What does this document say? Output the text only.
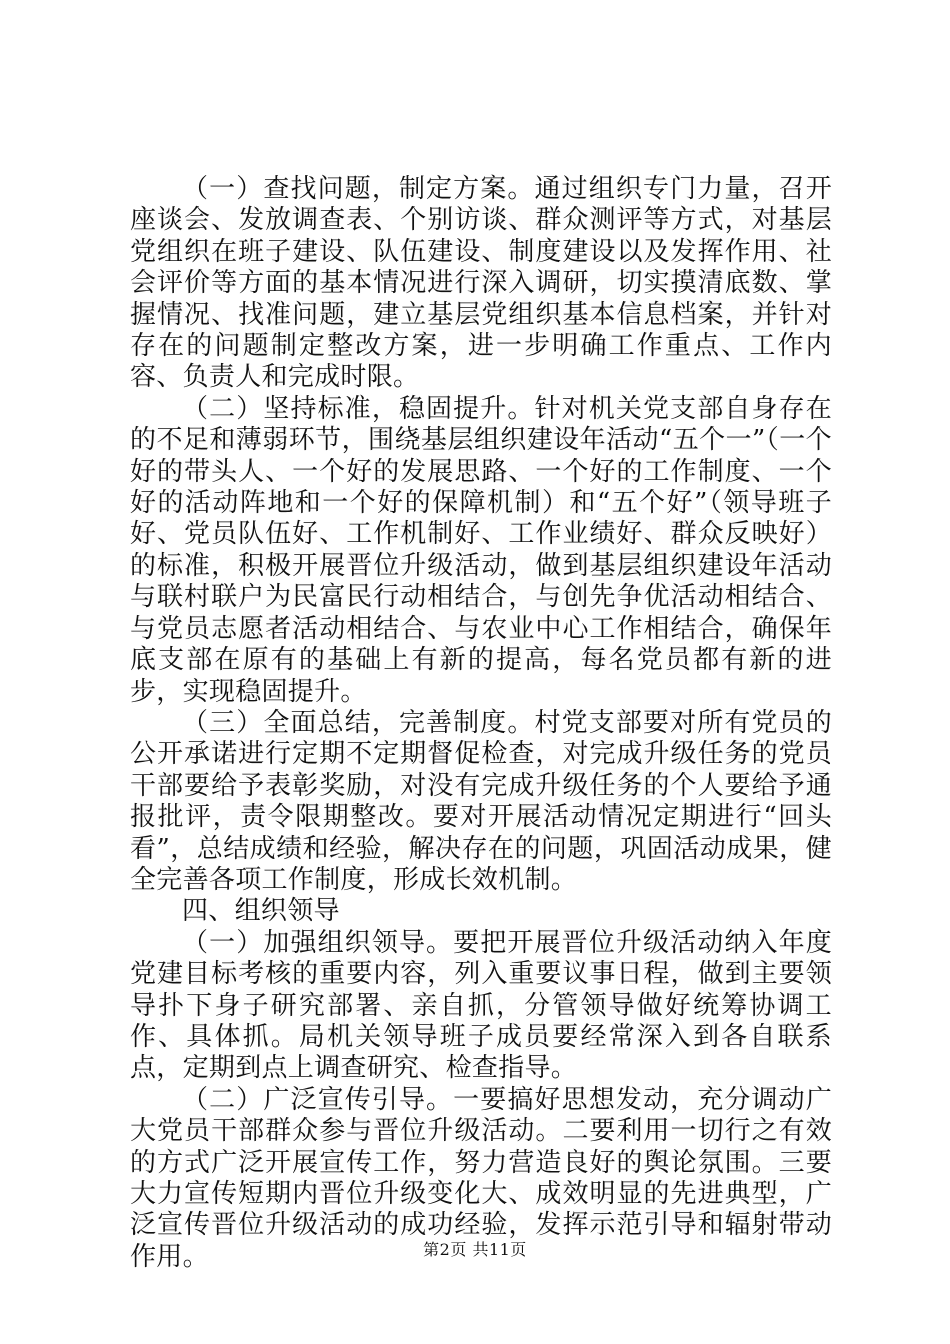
（一）查找问题，制定方案。通过组织专门力量，召开座谈会、发放调查表、个别访谈、群众测评等方式，对基层党组织在班子建设、队伍建设、制度建设以及发挥作用、社会评价等方面的基本情况进行深入调研，切实摸清底数、掌握情况、找准问题，建立基层党组织基本信息档案，并针对存在的问题制定整改方案，进一步明确工作重点、工作内容、负责人和完成时限。

（二）坚持标准，稳固提升。针对机关党支部自身存在的不足和薄弱环节，围绕基层组织建设年活动“五个一”（一个好的带头人、一个好的发展思路、一个好的工作制度、一个好的活动阵地和一个好的保障机制）和“五个好”（领导班子好、党员队伍好、工作机制好、工作业绩好、群众反映好）的标准，积极开展晋位升级活动，做到基层组织建设年活动与联村联户为民富民行动相结合，与创先争优活动相结合、与党员志愿者活动相结合、与农业中心工作相结合，确保年底支部在原有的基础上有新的提高，每名党员都有新的进步，实现稳固提升。

（三）全面总结，完善制度。村党支部要对所有党员的公开承诺进行定期不定期督促检查，对完成升级任务的党员干部要给予表彰奖励，对没有完成升级任务的个人要给予通报批评，责令限期整改。要对开展活动情况定期进行“回头看”，总结成绩和经验，解决存在的问题，巩固活动成果，健全完善各项工作制度，形成长效机制。

四、组织领导

（一）加强组织领导。要把开展晋位升级活动纳入年度党建目标考核的重要内容，列入重要议事日程，做到主要领导扑下身子研究部署、亲自抓，分管领导做好统筹协调工作、具体抓。局机关领导班子成员要经常深入到各自联系点，定期到点上调查研究、检查指导。

（二）广泛宣传引导。一要搞好思想发动，充分调动广大党员干部群众参与晋位升级活动。二要利用一切行之有效的方式广泛开展宣传工作，努力营造良好的舆论氛围。三要大力宣传短期内晋位升级变化大、成效明显的先进典型，广泛宣传晋位升级活动的成功经验，发挥示范引导和辐射带动作用。	第2页 共11页
